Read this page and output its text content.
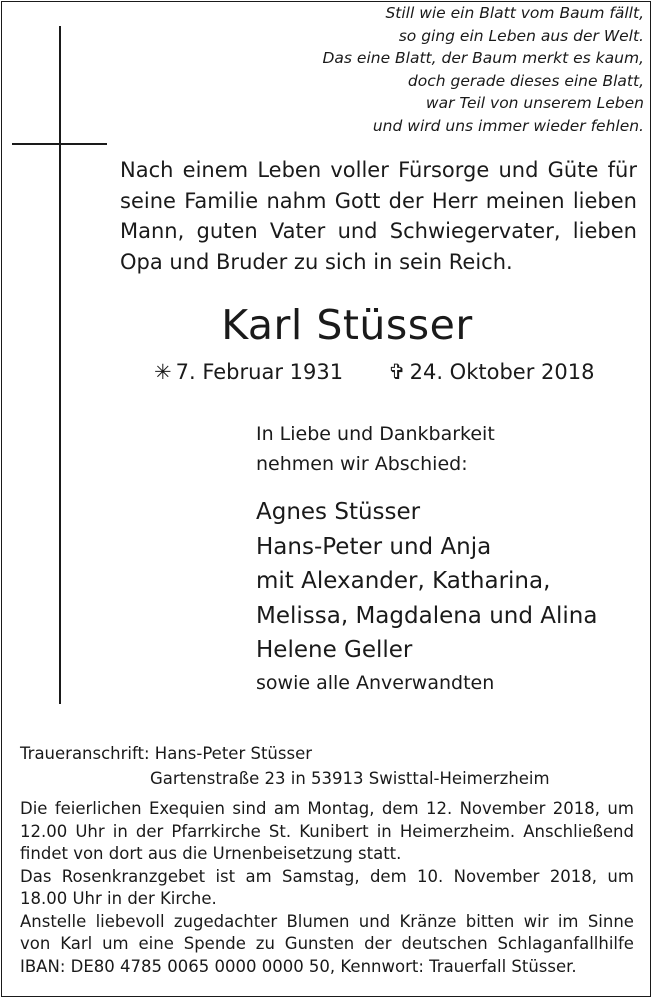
Still wie ein Blatt vom Baum fällt,
so ging ein Leben aus der Welt.
Das eine Blatt, der Baum merkt es kaum,
doch gerade dieses eine Blatt,
war Teil von unserem Leben
und wird uns immer wieder fehlen.
Nach einem Leben voller Fürsorge und Güte für
seine Familie nahm Gott der Herr meinen lieben
Mann, guten Vater und Schwiegervater, lieben
Opa und Bruder zu sich in sein Reich.
Karl Stüsser
✳ 7. Februar 1931 ✞ 24. Oktober 2018
In Liebe und Dankbarkeit
nehmen wir Abschied:
Agnes Stüsser
Hans-Peter und Anja
mit Alexander, Katharina,
Melissa, Magdalena und Alina
Helene Geller
sowie alle Anverwandten
Traueranschrift: Hans-Peter Stüsser
Gartenstraße 23 in 53913 Swisttal-Heimerzheim
Die feierlichen Exequien sind am Montag, dem 12. November 2018, um
12.00 Uhr in der Pfarrkirche St. Kunibert in Heimerzheim. Anschließend
findet von dort aus die Urnenbeisetzung statt.
Das Rosenkranzgebet ist am Samstag, dem 10. November 2018, um
18.00 Uhr in der Kirche.
Anstelle liebevoll zugedachter Blumen und Kränze bitten wir im Sinne
von Karl um eine Spende zu Gunsten der deutschen Schlaganfallhilfe
IBAN: DE80 4785 0065 0000 0000 50, Kennwort: Trauerfall Stüsser.
